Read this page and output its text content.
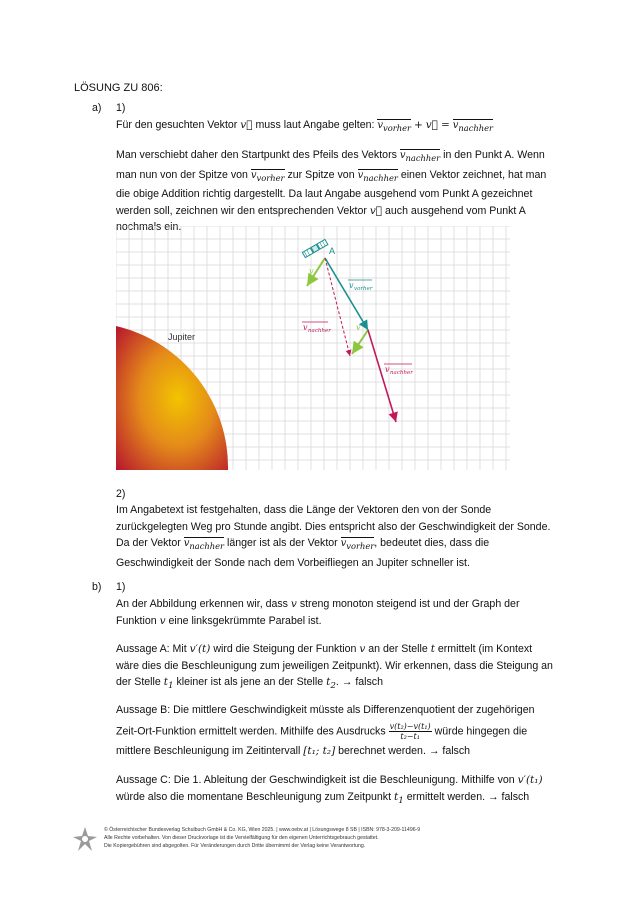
LÖSUNG ZU 806:
a) 1)
Für den gesuchten Vektor v⃗ muss laut Angabe gelten: $v_{vorher}$ + v⃗ = $v_{nachher}$
Man verschiebt daher den Startpunkt des Pfeils des Vektors $v_{nachher}$ in den Punkt A. Wenn
man nun von der Spitze von $v_{vorher}$ zur Spitze von $v_{nachher}$ einen Vektor zeichnet, hat man
die obige Addition richtig dargestellt. Da laut Angabe ausgehend vom Punkt A gezeichnet
werden soll, zeichnen wir den entsprechenden Vektor v⃗ auch ausgehend vom Punkt A
nochmals ein.
Jupiter
A
v
v
v vorher
v nachher
v nachher
2)
Im Angabetext ist festgehalten, dass die Länge der Vektoren den von der Sonde
zurückgelegten Weg pro Stunde angibt. Dies entspricht also der Geschwindigkeit der Sonde.
Da der Vektor $v_{nachher}$ länger ist als der Vektor $v_{vorher}$, bedeutet dies, dass die
Geschwindigkeit der Sonde nach dem Vorbeifliegen an Jupiter schneller ist.
b) 1)
An der Abbildung erkennen wir, dass v streng monoton steigend ist und der Graph der
Funktion v eine linksgekrümmte Parabel ist.
Aussage A: Mit v′(t) wird die Steigung der Funktion v an der Stelle t ermittelt (im Kontext
wäre dies die Beschleunigung zum jeweiligen Zeitpunkt). Wir erkennen, dass die Steigung an
der Stelle $t_1$ kleiner ist als jene an der Stelle $t_2$. → falsch
Aussage B: Die mittlere Geschwindigkeit müsste als Differenzenquotient der zugehörigen
Zeit-Ort-Funktion ermittelt werden. Mithilfe des Ausdrucks $\frac{\text{v(t₂)−v(t₁)}}{\text{t₂−t₁}}$ würde hingegen die
mittlere Beschleunigung im Zeitintervall [t₁; t₂] berechnet werden. → falsch
Aussage C: Die 1. Ableitung der Geschwindigkeit ist die Beschleunigung. Mithilfe von v′(t₁)
würde also die momentane Beschleunigung zum Zeitpunkt $t_1$ ermittelt werden. → falsch
© Österreichischer Bundesverlag Schulbuch GmbH & Co. KG, Wien 2025. | www.oebv.at | Lösungswege 8 SB | ISBN: 978-3-209-11496-9
Alle Rechte vorbehalten. Von dieser Druckvorlage ist die Vervielfältigung für den eigenen Unterrichtsgebrauch gestattet.
Die Kopiergebühren sind abgegolten. Für Veränderungen durch Dritte übernimmt der Verlag keine Verantwortung.
